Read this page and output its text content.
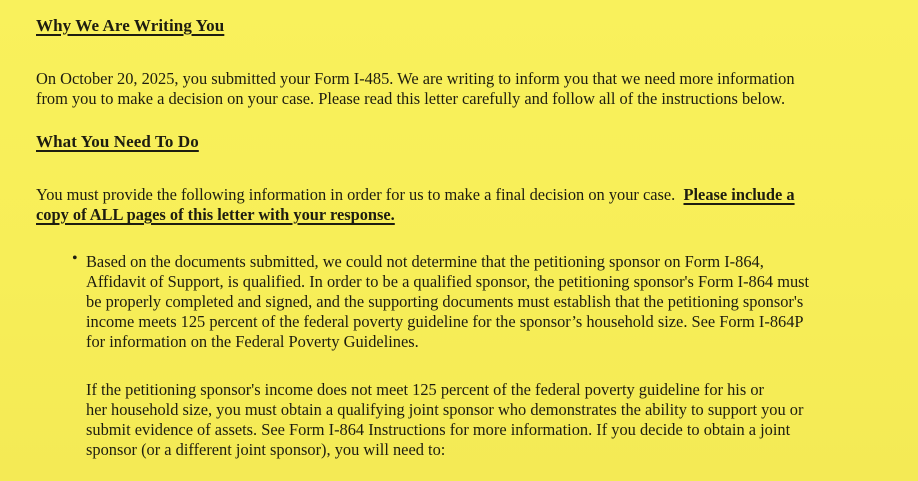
Why We Are Writing You
On October 20, 2025, you submitted your Form I-485. We are writing to inform you that we need more information
from you to make a decision on your case. Please read this letter carefully and follow all of the instructions below.
What You Need To Do
You must provide the following information in order for us to make a final decision on your case. Please include a
copy of ALL pages of this letter with your response.
• Based on the documents submitted, we could not determine that the petitioning sponsor on Form I-864,
Affidavit of Support, is qualified. In order to be a qualified sponsor, the petitioning sponsor's Form I-864 must
be properly completed and signed, and the supporting documents must establish that the petitioning sponsor's
income meets 125 percent of the federal poverty guideline for the sponsor’s household size. See Form I-864P
for information on the Federal Poverty Guidelines.
If the petitioning sponsor's income does not meet 125 percent of the federal poverty guideline for his or
her household size, you must obtain a qualifying joint sponsor who demonstrates the ability to support you or
submit evidence of assets. See Form I-864 Instructions for more information. If you decide to obtain a joint
sponsor (or a different joint sponsor), you will need to:
